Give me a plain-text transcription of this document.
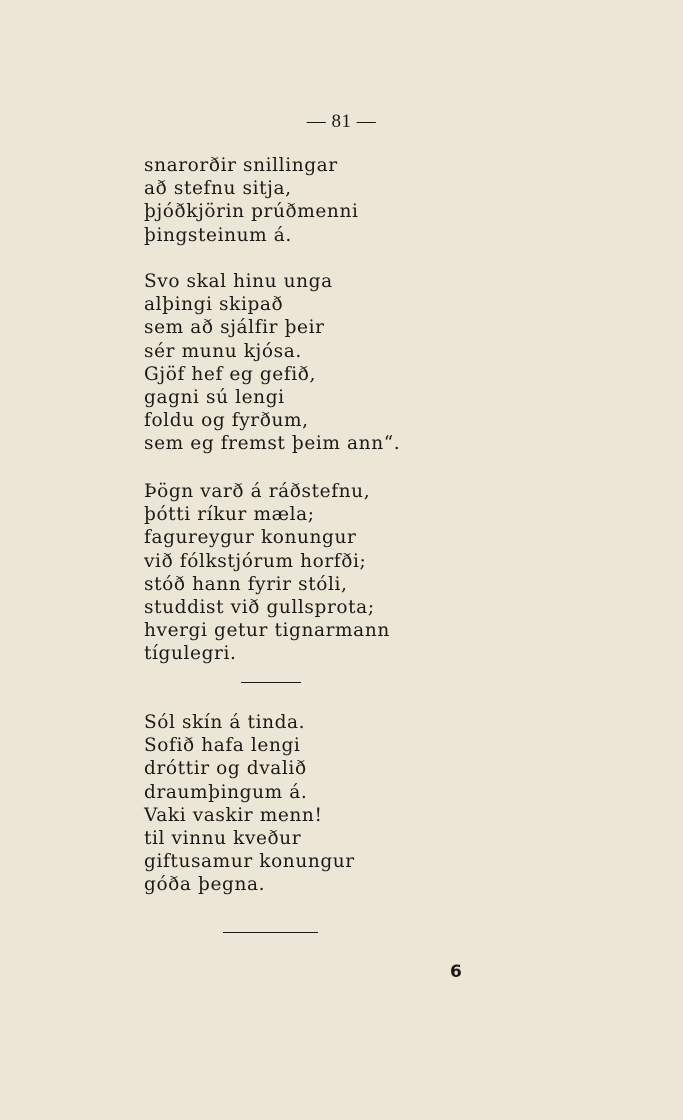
— 81 —
snarorðir snillingar
að stefnu sitja,
þjóðkjörin prúðmenni
þingsteinum á.
Svo skal hinu unga
alþingi skipað
sem að sjálfir þeir
sér munu kjósa.
Gjöf hef eg gefið,
gagni sú lengi
foldu og fyrðum,
sem eg fremst þeim ann“.
Þögn varð á ráðstefnu,
þótti ríkur mæla;
fagureygur konungur
við fólkstjórum horfði;
stóð hann fyrir stóli,
studdist við gullsprota;
hvergi getur tignarmann
tígulegri.
Sól skín á tinda.
Sofið hafa lengi
dróttir og dvalið
draumþingum á.
Vaki vaskir menn!
til vinnu kveður
giftusamur konungur
góða þegna.
6
